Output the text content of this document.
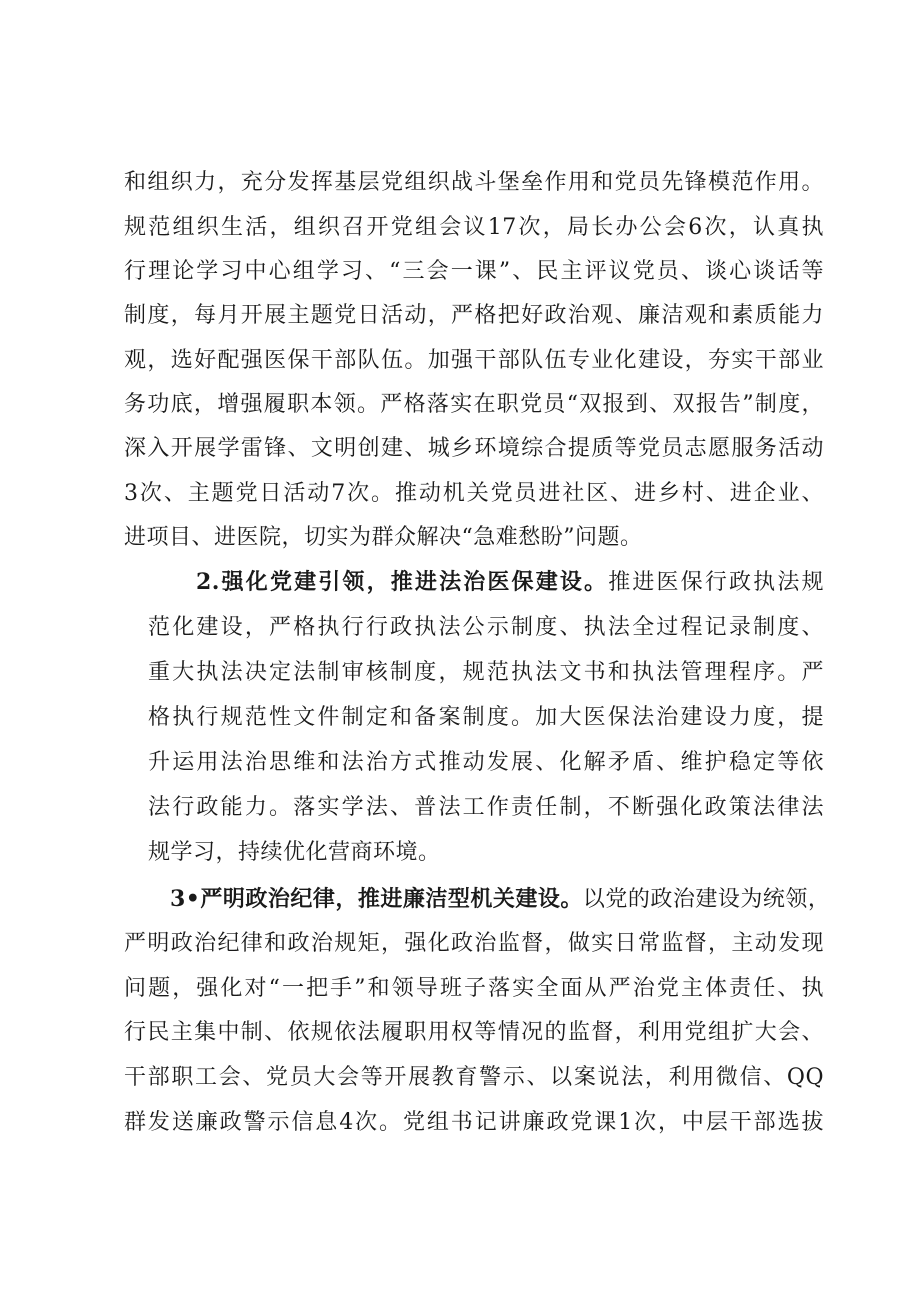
和组织力，充分发挥基层党组织战斗堡垒作用和党员先锋模范作用。
规范组织生活，组织召开党组会议17次，局长办公会6次，认真执
行理论学习中心组学习、“三会一课”、民主评议党员、谈心谈话等
制度，每月开展主题党日活动，严格把好政治观、廉洁观和素质能力
观，选好配强医保干部队伍。加强干部队伍专业化建设，夯实干部业
务功底，增强履职本领。严格落实在职党员“双报到、双报告”制度，
深入开展学雷锋、文明创建、城乡环境综合提质等党员志愿服务活动
3次、主题党日活动7次。推动机关党员进社区、进乡村、进企业、
进项目、进医院，切实为群众解决“急难愁盼”问题。
2.强化党建引领，推进法治医保建设。推进医保行政执法规
范化建设，严格执行行政执法公示制度、执法全过程记录制度、
重大执法决定法制审核制度，规范执法文书和执法管理程序。严
格执行规范性文件制定和备案制度。加大医保法治建设力度，提
升运用法治思维和法治方式推动发展、化解矛盾、维护稳定等依
法行政能力。落实学法、普法工作责任制，不断强化政策法律法
规学习，持续优化营商环境。
3•严明政治纪律，推进廉洁型机关建设。以党的政治建设为统领，
严明政治纪律和政治规矩，强化政治监督，做实日常监督，主动发现
问题，强化对“一把手”和领导班子落实全面从严治党主体责任、执
行民主集中制、依规依法履职用权等情况的监督，利用党组扩大会、
干部职工会、党员大会等开展教育警示、以案说法，利用微信、QQ
群发送廉政警示信息4次。党组书记讲廉政党课1次，中层干部选拔
